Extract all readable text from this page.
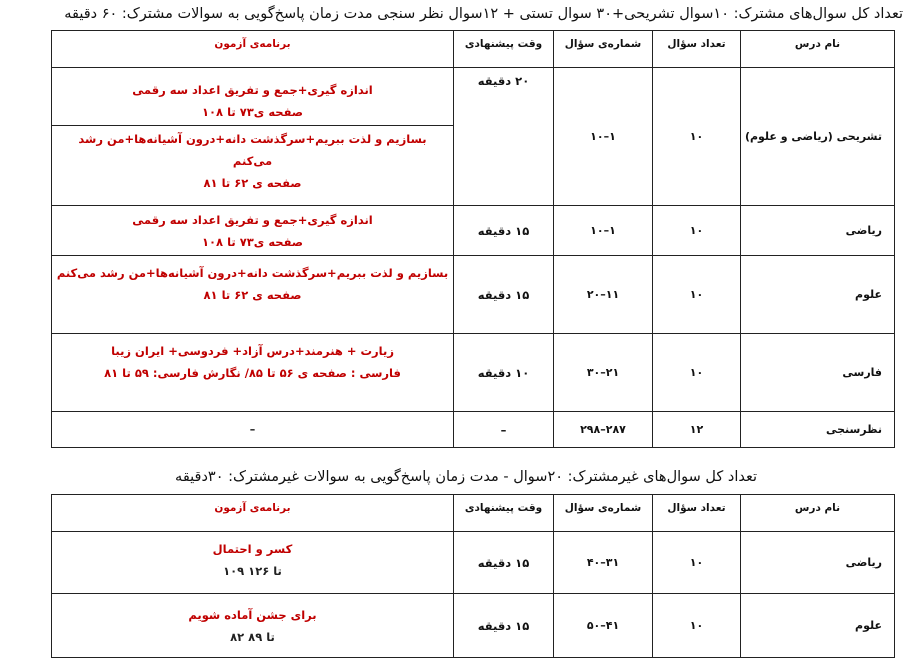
تعداد کل سوال‌های مشترک: ۱۰سوال تشریحی+۳۰ سوال تستی + ۱۲سوال نظر سنجی مدت زمان پاسخ‌گویی به سوالات مشترک: ۶۰ دقیقه
نام درس	تعداد سؤال	شماره‌ی سؤال	وقت پیشنهادی	برنامه‌ی آزمون
تشریحی (ریاضی و علوم)	۱۰	۱–۱۰	۲۰ دقیقه	اندازه گیری+جمع و تفریق اعداد سه رقمی
صفحه ی۷۳ تا ۱۰۸
بسازیم و لذت ببریم+سرگذشت دانه+درون آشیانه‌ها+من رشد می‌کنم
صفحه ی ۶۲ تا ۸۱

ریاضی	۱۰	۱–۱۰	۱۵ دقیقه	اندازه گیری+جمع و تفریق اعداد سه رقمی
صفحه ی۷۳ تا ۱۰۸

علوم	۱۰	۱۱–۲۰	۱۵ دقیقه	بسازیم و لذت ببریم+سرگذشت دانه+درون آشیانه‌ها+من رشد می‌کنم
صفحه ی ۶۲ تا ۸۱

فارسی	۱۰	۲۱–۳۰	۱۰ دقیقه	زیارت + هنرمند+درس آزاد+ فردوسی+ ایران زیبا
فارسی : صفحه ی ۵۶ تا ۸۵/ نگارش فارسی: ۵۹ تا ۸۱

نظرسنجی	۱۲	۲۸۷–۲۹۸	–	–
تعداد کل سوال‌های غیرمشترک: ۲۰سوال - مدت زمان پاسخ‌گویی به سوالات غیرمشترک: ۳۰دقیقه
نام درس	تعداد سؤال	شماره‌ی سؤال	وقت پیشنهادی	برنامه‌ی آزمون
ریاضی	۱۰	۳۱–۴۰	۱۵ دقیقه	کسر و احتمال
۱۰۹ تا ۱۲۶

علوم	۱۰	۴۱–۵۰	۱۵ دقیقه	برای جشن آماده شویم
۸۲ تا ۸۹
